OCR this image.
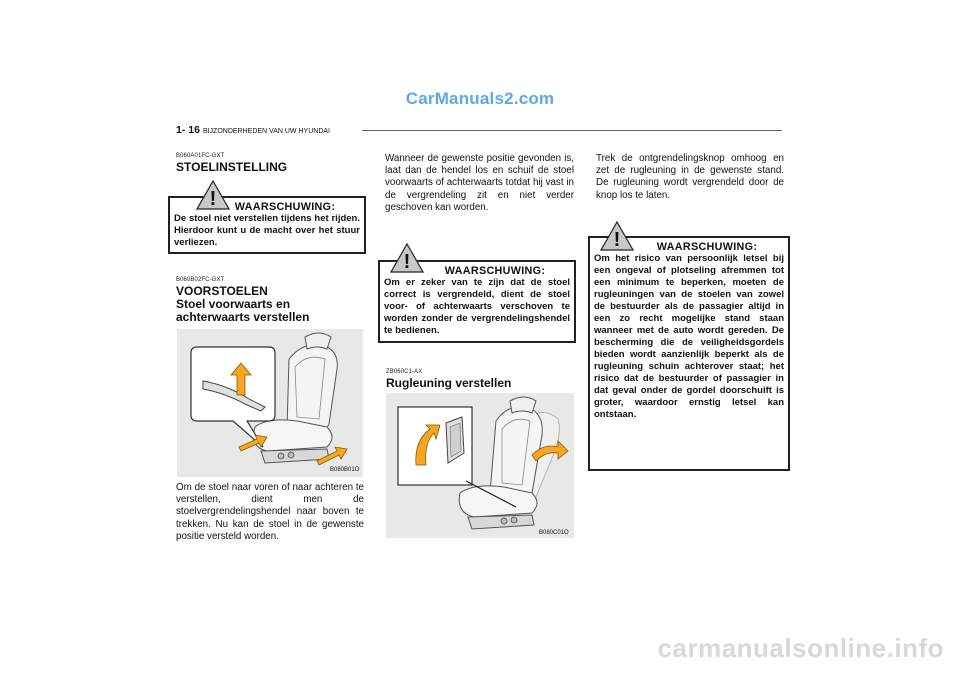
CarManuals2.com
1- 16 BIJZONDERHEDEN VAN UW HYUNDAI
B060A01FC-GXT
STOELINSTELLING
WAARSCHUWING:
De stoel niet verstellen tijdens het rijden. Hierdoor kunt u de macht over het stuur verliezen.
!
B060B02FC-GXT
VOORSTOELEN
Stoel voorwaarts en
achterwaarts verstellen
B080B01O
Om de stoel naar voren of naar achteren te verstellen, dient men de stoelvergrendelingshendel naar boven te trekken. Nu kan de stoel in de gewenste positie versteld worden.
Wanneer de gewenste positie gevonden is, laat dan de hendel los en schuif de stoel voorwaarts of achterwaarts totdat hij vast in de vergrendeling zit en niet verder geschoven kan worden.
WAARSCHUWING:
Om er zeker van te zijn dat de stoel correct is vergrendeld, dient de stoel voor- of achterwaarts verschoven te worden zonder de vergrendelingshendel te bedienen.
!
ZB060C1-AX
Rugleuning verstellen
B080C01O
Trek de ontgrendelingsknop omhoog en zet de rugleuning in de gewenste stand. De rugleuning wordt vergrendeld door de knop los te laten.
WAARSCHUWING:
Om het risico van persoonlijk letsel bij een ongeval of plotseling afremmen tot een minimum te beperken, moeten de rugleuningen van de stoelen van zowel de bestuurder als de passagier altijd in een zo recht mogelijke stand staan wanneer met de auto wordt gereden. De bescherming die de veiligheidsgordels bieden wordt aanzienlijk beperkt als de rugleuning schuin achterover staat; het risico dat de bestuurder of passagier in dat geval onder de gordel doorschuift is groter, waardoor ernstig letsel kan ontstaan.
!
carmanualsonline.info
